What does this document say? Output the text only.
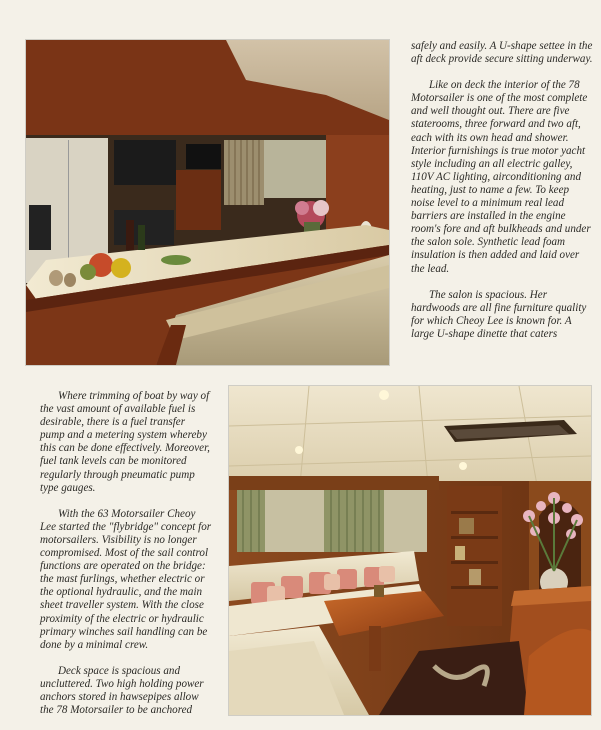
safely and easily. A U-shape settee in the aft deck provide secure sitting underway.

Like on deck the interior of the 78 Motorsailer is one of the most complete and well thought out. There are five staterooms, three forward and two aft, each with its own head and shower. Interior furnishings is true motor yacht style including an all electric galley, 110V AC lighting, airconditioning and heating, just to name a few. To keep noise level to a minimum real lead barriers are installed in the engine room's fore and aft bulkheads and under the salon sole. Synthetic lead foam insulation is then added and laid over the lead.

The salon is spacious. Her hardwoods are all fine furniture quality for which Cheoy Lee is known for. A large U-shape dinette that caters

Where trimming of boat by way of the vast amount of available fuel is desirable, there is a fuel transfer pump and a metering system whereby this can be done effectively. Moreover, fuel tank levels can be monitored regularly through pneumatic pump type gauges.

With the 63 Motorsailer Cheoy Lee started the "flybridge" concept for motorsailers. Visibility is no longer compromised. Most of the sail control functions are operated on the bridge: the mast furlings, whether electric or the optional hydraulic, and the main sheet traveller system. With the close proximity of the electric or hydraulic primary winches sail handling can be done by a minimal crew.

Deck space is spacious and uncluttered. Two high holding power anchors stored in hawsepipes allow the 78 Motorsailer to be anchored
